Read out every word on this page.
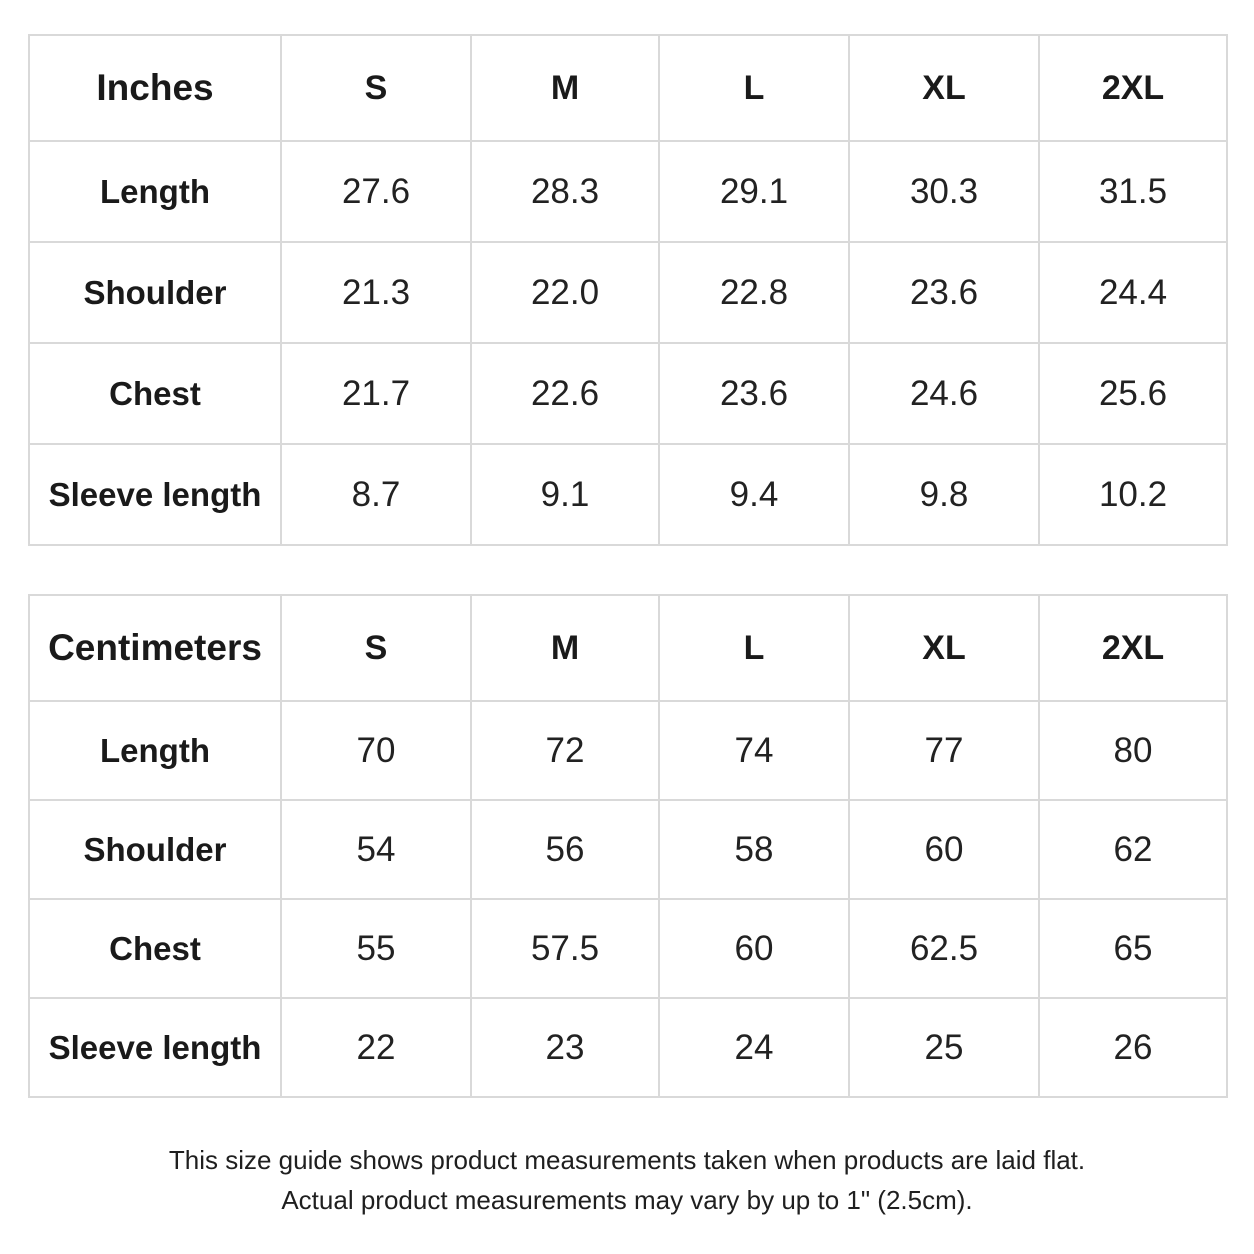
Inches	S	M	L	XL	2XL
Length	27.6	28.3	29.1	30.3	31.5
Shoulder	21.3	22.0	22.8	23.6	24.4
Chest	21.7	22.6	23.6	24.6	25.6
Sleeve length	8.7	9.1	9.4	9.8	10.2
Centimeters	S	M	L	XL	2XL
Length	70	72	74	77	80
Shoulder	54	56	58	60	62
Chest	55	57.5	60	62.5	65
Sleeve length	22	23	24	25	26
This size guide shows product measurements taken when products are laid flat.
Actual product measurements may vary by up to 1" (2.5cm).
